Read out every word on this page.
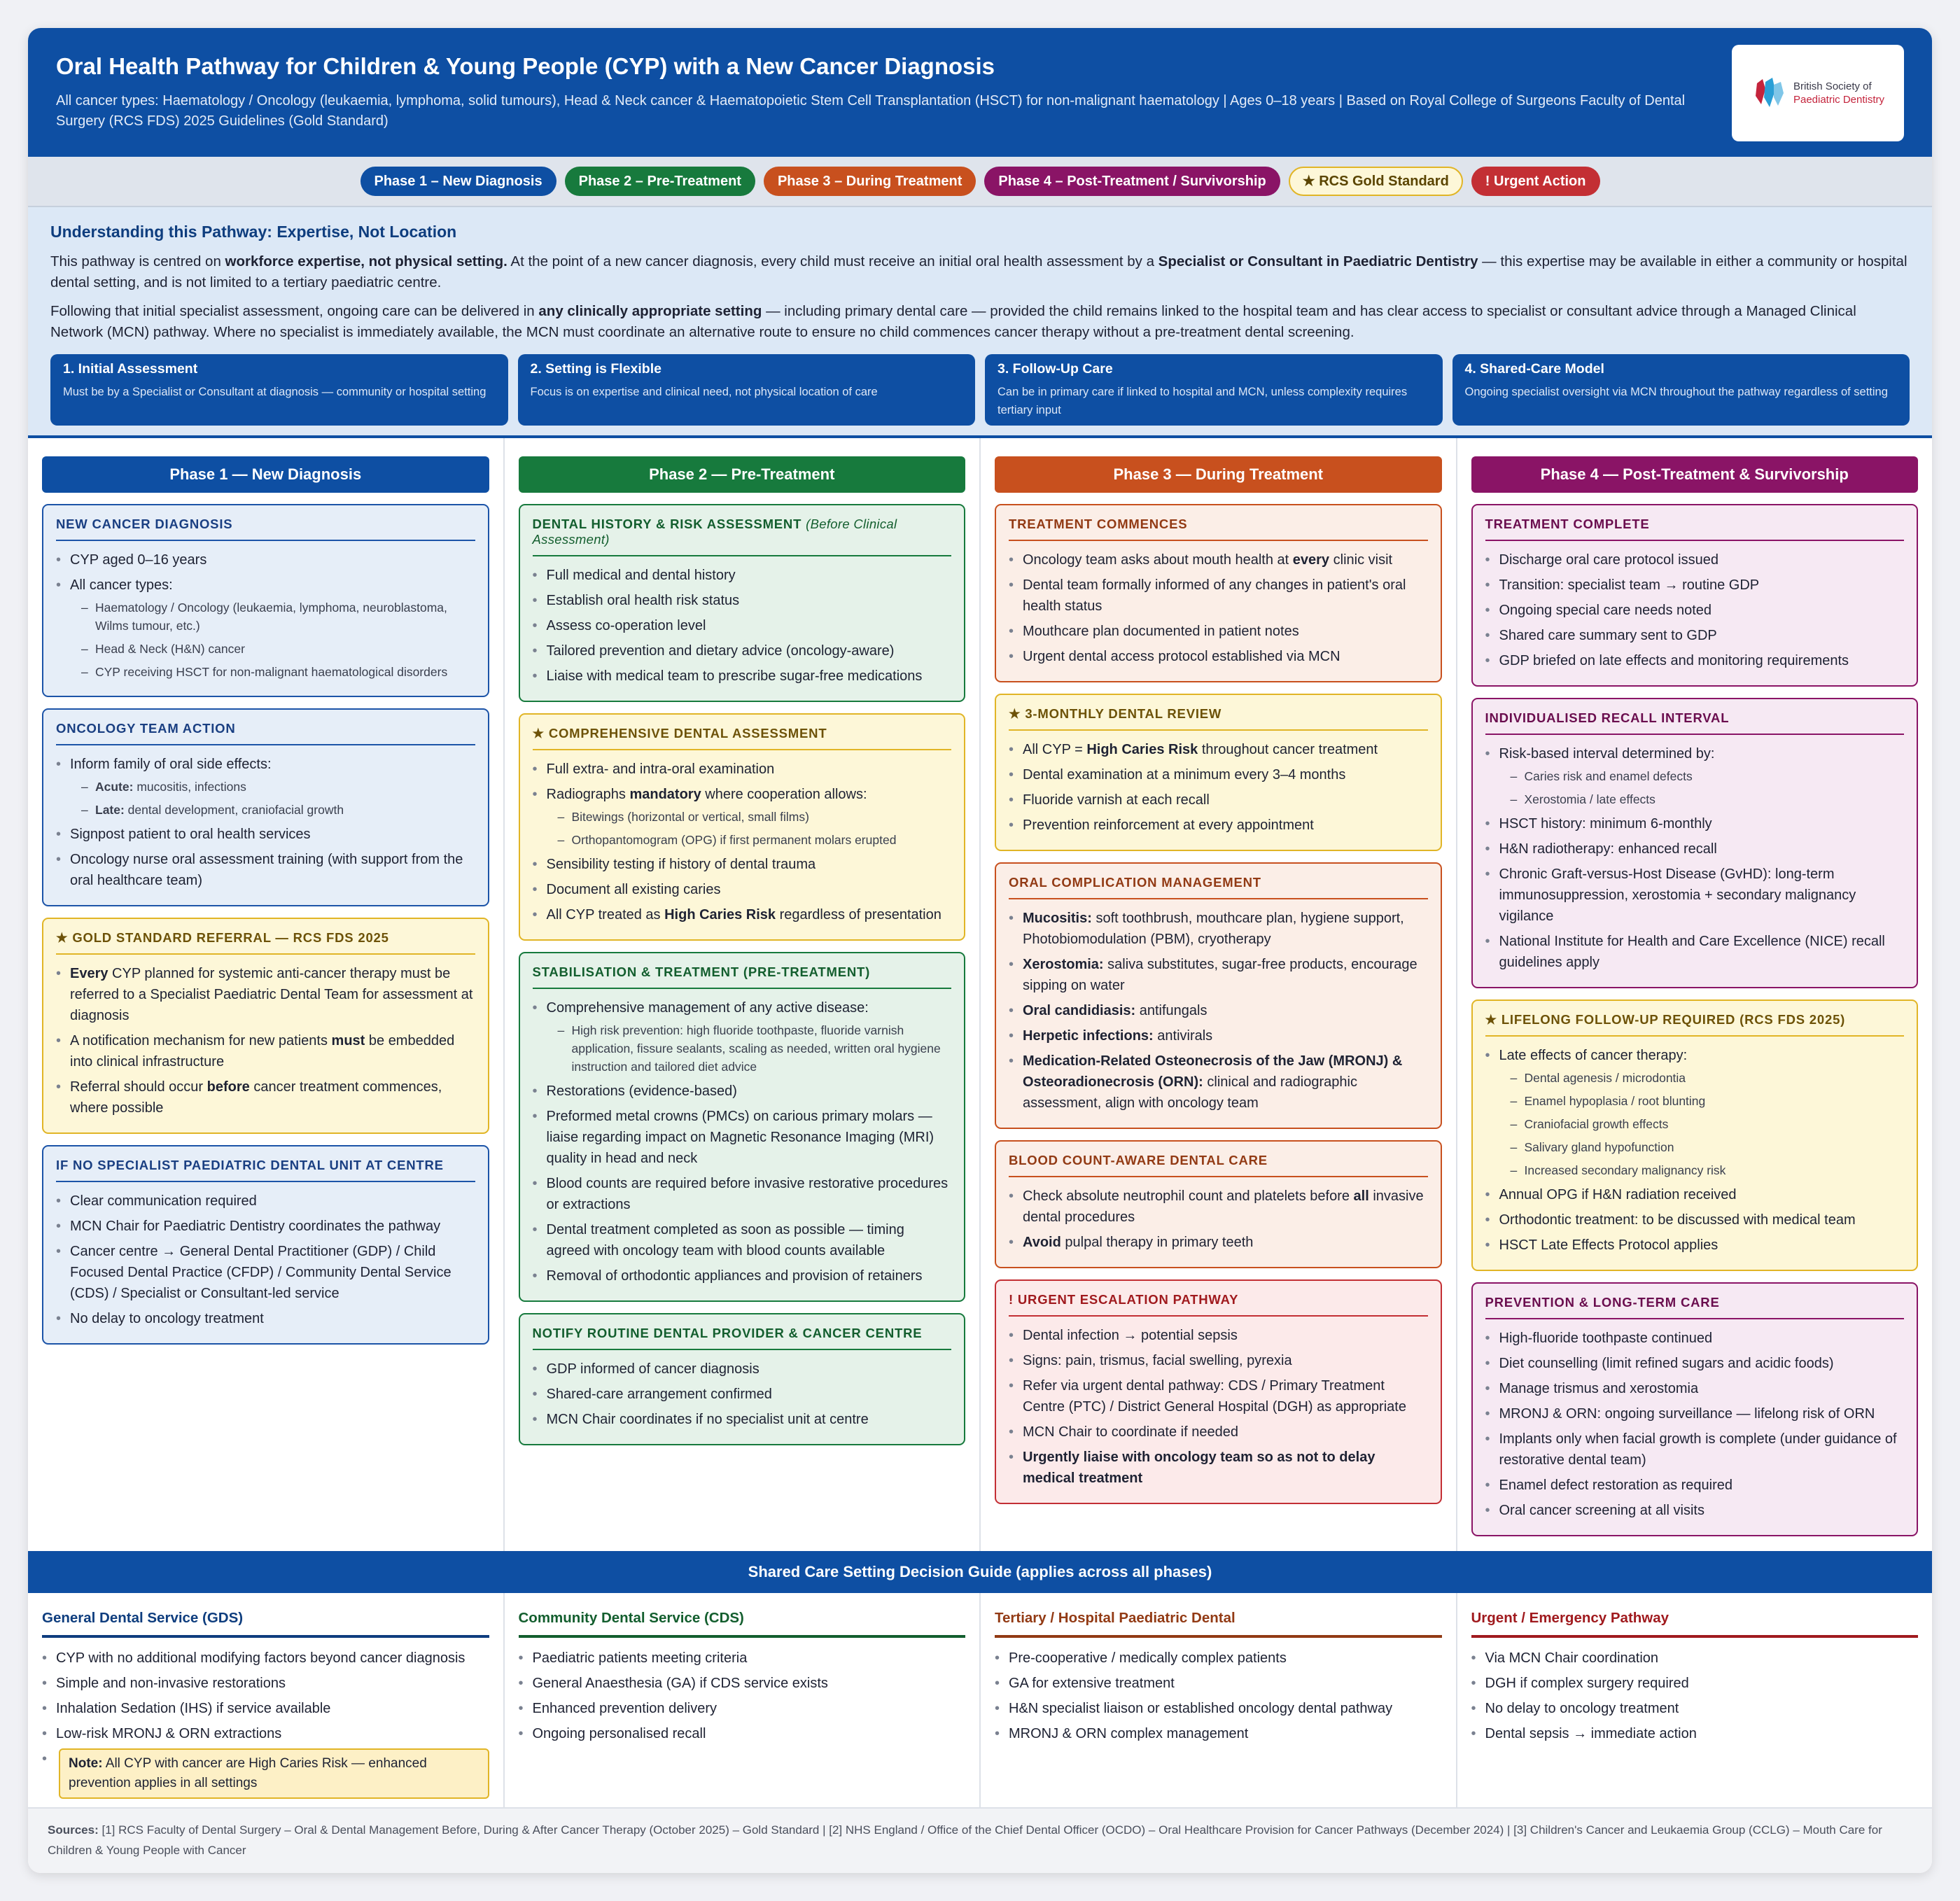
Oral Health Pathway for Children & Young People (CYP) with a New Cancer Diagnosis
All cancer types: Haematology / Oncology (leukaemia, lymphoma, solid tumours), Head & Neck cancer & Haematopoietic Stem Cell Transplantation (HSCT) for non-malignant haematology | Ages 0–18 years | Based on Royal College of Surgeons Faculty of Dental Surgery (RCS FDS) 2025 Guidelines (Gold Standard)
British Society of
Paediatric Dentistry
Phase 1 – New Diagnosis	Phase 2 – Pre-Treatment	Phase 3 – During Treatment	Phase 4 – Post-Treatment / Survivorship	★ RCS Gold Standard	! Urgent Action
Understanding this Pathway: Expertise, Not Location

This pathway is centred on workforce expertise, not physical setting. At the point of a new cancer diagnosis, every child must receive an initial oral health assessment by a Specialist or Consultant in Paediatric Dentistry — this expertise may be available in either a community or hospital dental setting, and is not limited to a tertiary paediatric centre.

Following that initial specialist assessment, ongoing care can be delivered in any clinically appropriate setting — including primary dental care — provided the child remains linked to the hospital team and has clear access to specialist or consultant advice through a Managed Clinical Network (MCN) pathway. Where no specialist is immediately available, the MCN must coordinate an alternative route to ensure no child commences cancer therapy without a pre-treatment dental screening.

1. Initial Assessment
Must be by a Specialist or Consultant at diagnosis — community or hospital setting
2. Setting is Flexible
Focus is on expertise and clinical need, not physical location of care
3. Follow-Up Care
Can be in primary care if linked to hospital and MCN, unless complexity requires tertiary input
4. Shared-Care Model
Ongoing specialist oversight via MCN throughout the pathway regardless of setting
Phase 1 — New Diagnosis
NEW CANCER DIAGNOSIS
• CYP aged 0–16 years
• All cancer types:
– Haematology / Oncology (leukaemia, lymphoma, neuroblastoma, Wilms tumour, etc.)
– Head & Neck (H&N) cancer
– CYP receiving HSCT for non-malignant haematological disorders
ONCOLOGY TEAM ACTION
• Inform family of oral side effects:
– Acute: mucositis, infections
– Late: dental development, craniofacial growth
• Signpost patient to oral health services
• Oncology nurse oral assessment training (with support from the oral healthcare team)
★ GOLD STANDARD REFERRAL — RCS FDS 2025
• Every CYP planned for systemic anti-cancer therapy must be referred to a Specialist Paediatric Dental Team for assessment at diagnosis
• A notification mechanism for new patients must be embedded into clinical infrastructure
• Referral should occur before cancer treatment commences, where possible
IF NO SPECIALIST PAEDIATRIC DENTAL UNIT AT CENTRE
• Clear communication required
• MCN Chair for Paediatric Dentistry coordinates the pathway
• Cancer centre → General Dental Practitioner (GDP) / Child Focused Dental Practice (CFDP) / Community Dental Service (CDS) / Specialist or Consultant-led service
• No delay to oncology treatment
Phase 2 — Pre-Treatment
DENTAL HISTORY & RISK ASSESSMENT (Before Clinical Assessment)
• Full medical and dental history
• Establish oral health risk status
• Assess co-operation level
• Tailored prevention and dietary advice (oncology-aware)
• Liaise with medical team to prescribe sugar-free medications
★ COMPREHENSIVE DENTAL ASSESSMENT
• Full extra- and intra-oral examination
• Radiographs mandatory where cooperation allows:
– Bitewings (horizontal or vertical, small films)
– Orthopantomogram (OPG) if first permanent molars erupted
• Sensibility testing if history of dental trauma
• Document all existing caries
• All CYP treated as High Caries Risk regardless of presentation
STABILISATION & TREATMENT (PRE-TREATMENT)
• Comprehensive management of any active disease:
– High risk prevention: high fluoride toothpaste, fluoride varnish application, fissure sealants, scaling as needed, written oral hygiene instruction and tailored diet advice
• Restorations (evidence-based)
• Preformed metal crowns (PMCs) on carious primary molars — liaise regarding impact on Magnetic Resonance Imaging (MRI) quality in head and neck
• Blood counts are required before invasive restorative procedures or extractions
• Dental treatment completed as soon as possible — timing agreed with oncology team with blood counts available
• Removal of orthodontic appliances and provision of retainers
NOTIFY ROUTINE DENTAL PROVIDER & CANCER CENTRE
• GDP informed of cancer diagnosis
• Shared-care arrangement confirmed
• MCN Chair coordinates if no specialist unit at centre
Phase 3 — During Treatment
TREATMENT COMMENCES
• Oncology team asks about mouth health at every clinic visit
• Dental team formally informed of any changes in patient's oral health status
• Mouthcare plan documented in patient notes
• Urgent dental access protocol established via MCN
★ 3-MONTHLY DENTAL REVIEW
• All CYP = High Caries Risk throughout cancer treatment
• Dental examination at a minimum every 3–4 months
• Fluoride varnish at each recall
• Prevention reinforcement at every appointment
ORAL COMPLICATION MANAGEMENT
• Mucositis: soft toothbrush, mouthcare plan, hygiene support, Photobiomodulation (PBM), cryotherapy
• Xerostomia: saliva substitutes, sugar-free products, encourage sipping on water
• Oral candidiasis: antifungals
• Herpetic infections: antivirals
• Medication-Related Osteonecrosis of the Jaw (MRONJ) & Osteoradionecrosis (ORN): clinical and radiographic assessment, align with oncology team
BLOOD COUNT-AWARE DENTAL CARE
• Check absolute neutrophil count and platelets before all invasive dental procedures
• Avoid pulpal therapy in primary teeth
! URGENT ESCALATION PATHWAY
• Dental infection → potential sepsis
• Signs: pain, trismus, facial swelling, pyrexia
• Refer via urgent dental pathway: CDS / Primary Treatment Centre (PTC) / District General Hospital (DGH) as appropriate
• MCN Chair to coordinate if needed
• Urgently liaise with oncology team so as not to delay medical treatment
Phase 4 — Post-Treatment & Survivorship
TREATMENT COMPLETE
• Discharge oral care protocol issued
• Transition: specialist team → routine GDP
• Ongoing special care needs noted
• Shared care summary sent to GDP
• GDP briefed on late effects and monitoring requirements
INDIVIDUALISED RECALL INTERVAL
• Risk-based interval determined by:
– Caries risk and enamel defects
– Xerostomia / late effects
• HSCT history: minimum 6-monthly
• H&N radiotherapy: enhanced recall
• Chronic Graft-versus-Host Disease (GvHD): long-term immunosuppression, xerostomia + secondary malignancy vigilance
• National Institute for Health and Care Excellence (NICE) recall guidelines apply
★ LIFELONG FOLLOW-UP REQUIRED (RCS FDS 2025)
• Late effects of cancer therapy:
– Dental agenesis / microdontia
– Enamel hypoplasia / root blunting
– Craniofacial growth effects
– Salivary gland hypofunction
– Increased secondary malignancy risk
• Annual OPG if H&N radiation received
• Orthodontic treatment: to be discussed with medical team
• HSCT Late Effects Protocol applies
PREVENTION & LONG-TERM CARE
• High-fluoride toothpaste continued
• Diet counselling (limit refined sugars and acidic foods)
• Manage trismus and xerostomia
• MRONJ & ORN: ongoing surveillance — lifelong risk of ORN
• Implants only when facial growth is complete (under guidance of restorative dental team)
• Enamel defect restoration as required
• Oral cancer screening at all visits
Shared Care Setting Decision Guide (applies across all phases)
General Dental Service (GDS)
• CYP with no additional modifying factors beyond cancer diagnosis
• Simple and non-invasive restorations
• Inhalation Sedation (IHS) if service available
• Low-risk MRONJ & ORN extractions
• Note: All CYP with cancer are High Caries Risk — enhanced prevention applies in all settings
Community Dental Service (CDS)
• Paediatric patients meeting criteria
• General Anaesthesia (GA) if CDS service exists
• Enhanced prevention delivery
• Ongoing personalised recall
Tertiary / Hospital Paediatric Dental
• Pre-cooperative / medically complex patients
• GA for extensive treatment
• H&N specialist liaison or established oncology dental pathway
• MRONJ & ORN complex management
Urgent / Emergency Pathway
• Via MCN Chair coordination
• DGH if complex surgery required
• No delay to oncology treatment
• Dental sepsis → immediate action
Sources: [1] RCS Faculty of Dental Surgery – Oral & Dental Management Before, During & After Cancer Therapy (October 2025) – Gold Standard | [2] NHS England / Office of the Chief Dental Officer (OCDO) – Oral Healthcare Provision for Cancer Pathways (December 2024) | [3] Children's Cancer and Leukaemia Group (CCLG) – Mouth Care for Children & Young People with Cancer
